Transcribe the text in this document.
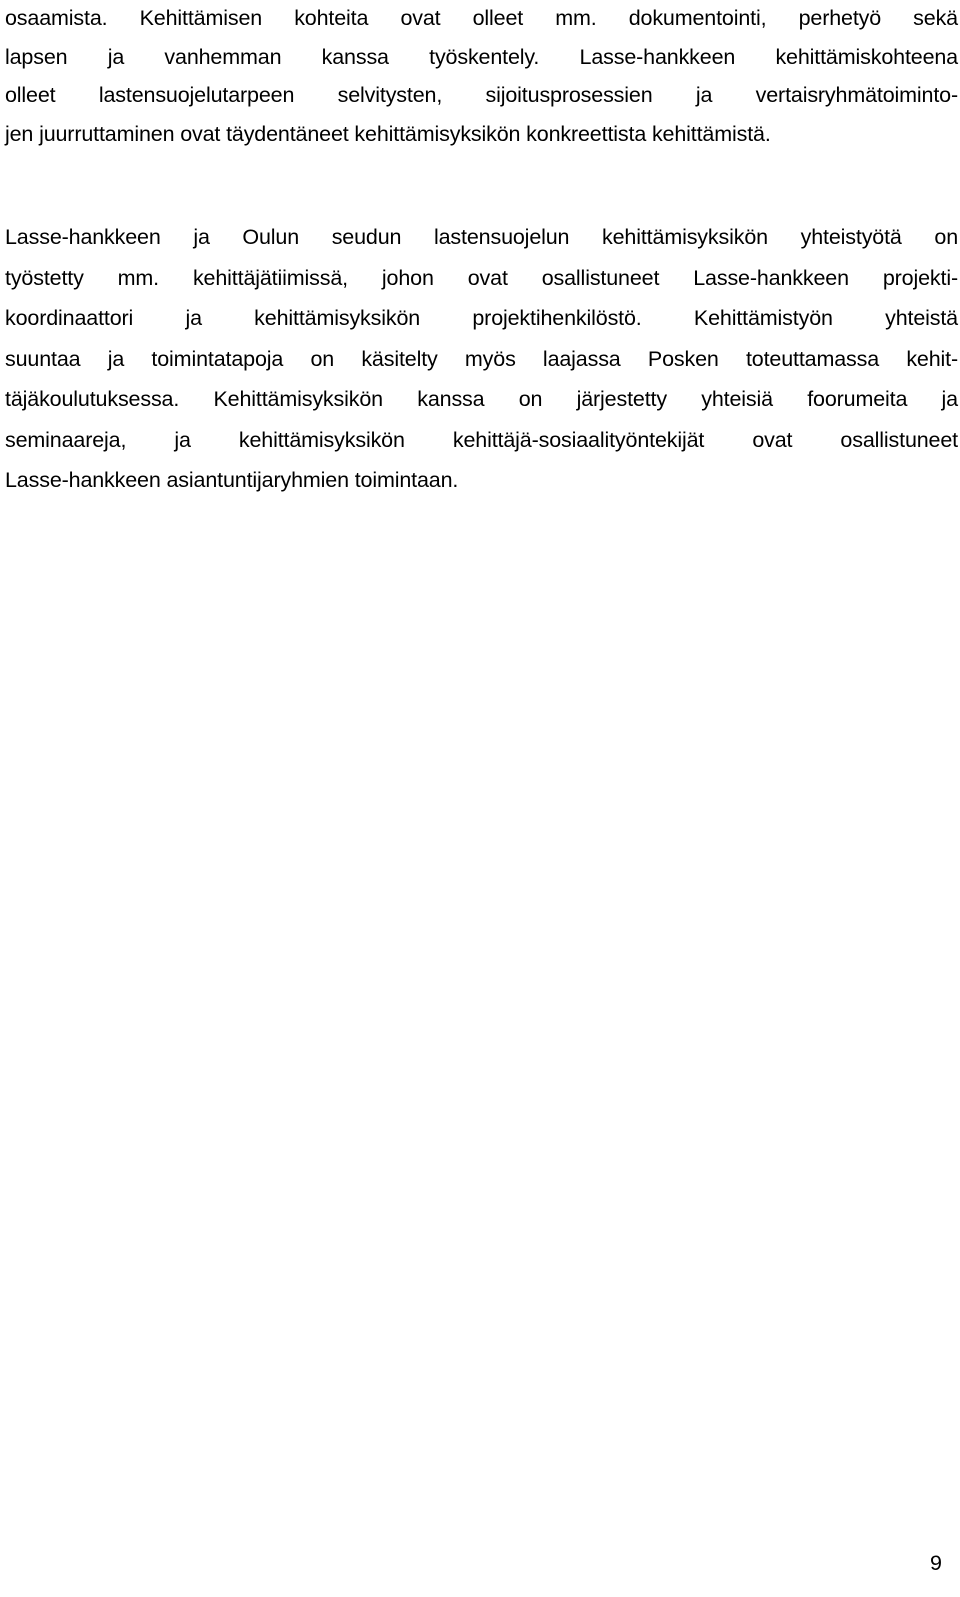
osaamista. Kehittämisen kohteita ovat olleet mm. dokumentointi, perhetyö sekä
lapsen ja vanhemman kanssa työskentely. Lasse-hankkeen kehittämiskohteena
olleet lastensuojelutarpeen selvitysten, sijoitusprosessien ja vertaisryhmätoiminto-
jen juurruttaminen ovat täydentäneet kehittämisyksikön konkreettista kehittämistä.
Lasse-hankkeen ja Oulun seudun lastensuojelun kehittämisyksikön yhteistyötä on
työstetty mm. kehittäjätiimissä, johon ovat osallistuneet Lasse-hankkeen projekti-
koordinaattori ja kehittämisyksikön projektihenkilöstö. Kehittämistyön yhteistä
suuntaa ja toimintatapoja on käsitelty myös laajassa Posken toteuttamassa kehit-
täjäkoulutuksessa. Kehittämisyksikön kanssa on järjestetty yhteisiä foorumeita ja
seminaareja, ja kehittämisyksikön kehittäjä-sosiaalityöntekijät ovat osallistuneet
Lasse-hankkeen asiantuntijaryhmien toimintaan.
9
